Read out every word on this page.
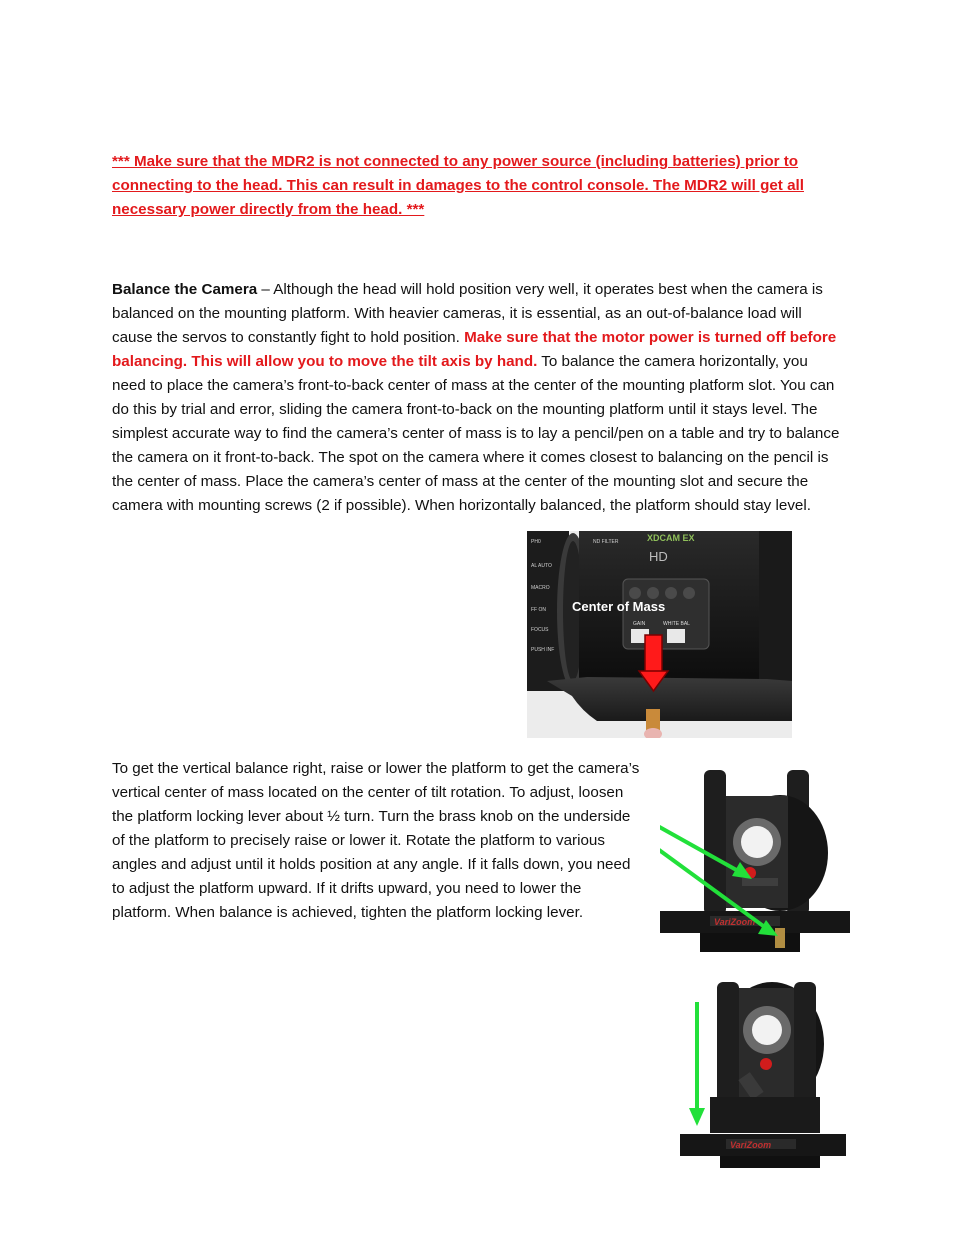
*** Make sure that the MDR2 is not connected to any power source (including batteries) prior to connecting to the head. This can result in damages to the control console. The MDR2 will get all necessary power directly from the head. ***

Balance the Camera – Although the head will hold position very well, it operates best when the camera is balanced on the mounting platform. With heavier cameras, it is essential, as an out-of-balance load will cause the servos to constantly fight to hold position. Make sure that the motor power is turned off before balancing. This will allow you to move the tilt axis by hand. To balance the camera horizontally, you need to place the camera’s front-to-back center of mass at the center of the mounting platform slot. You can do this by trial and error, sliding the camera front-to-back on the mounting platform until it stays level. The simplest accurate way to find the camera’s center of mass is to lay a pencil/pen on a table and try to balance the camera on it front-to-back. The spot on the camera where it comes closest to balancing on the pencil is the center of mass. Place the camera’s center of mass at the center of the mounting slot and secure the camera with mounting screws (2 if possible). When horizontally balanced, the platform should stay level.

PH0
AL AUTO
MACRO
FF ON
FOCUS
PUSH INF
XDCAM EX
HD
ND FILTER
GAIN	WHITE BAL
Center of Mass

To get the vertical balance right, raise or lower the platform to get the camera’s vertical center of mass located on the center of tilt rotation. To adjust, loosen the platform locking lever about ½ turn. Turn the brass knob on the underside of the platform to precisely raise or lower it. Rotate the platform to various angles and adjust until it holds position at any angle. If it falls down, you need to adjust the platform upward. If it drifts upward, you need to lower the platform. When balance is achieved, tighten the platform locking lever.

VariZoom
VariZoom
